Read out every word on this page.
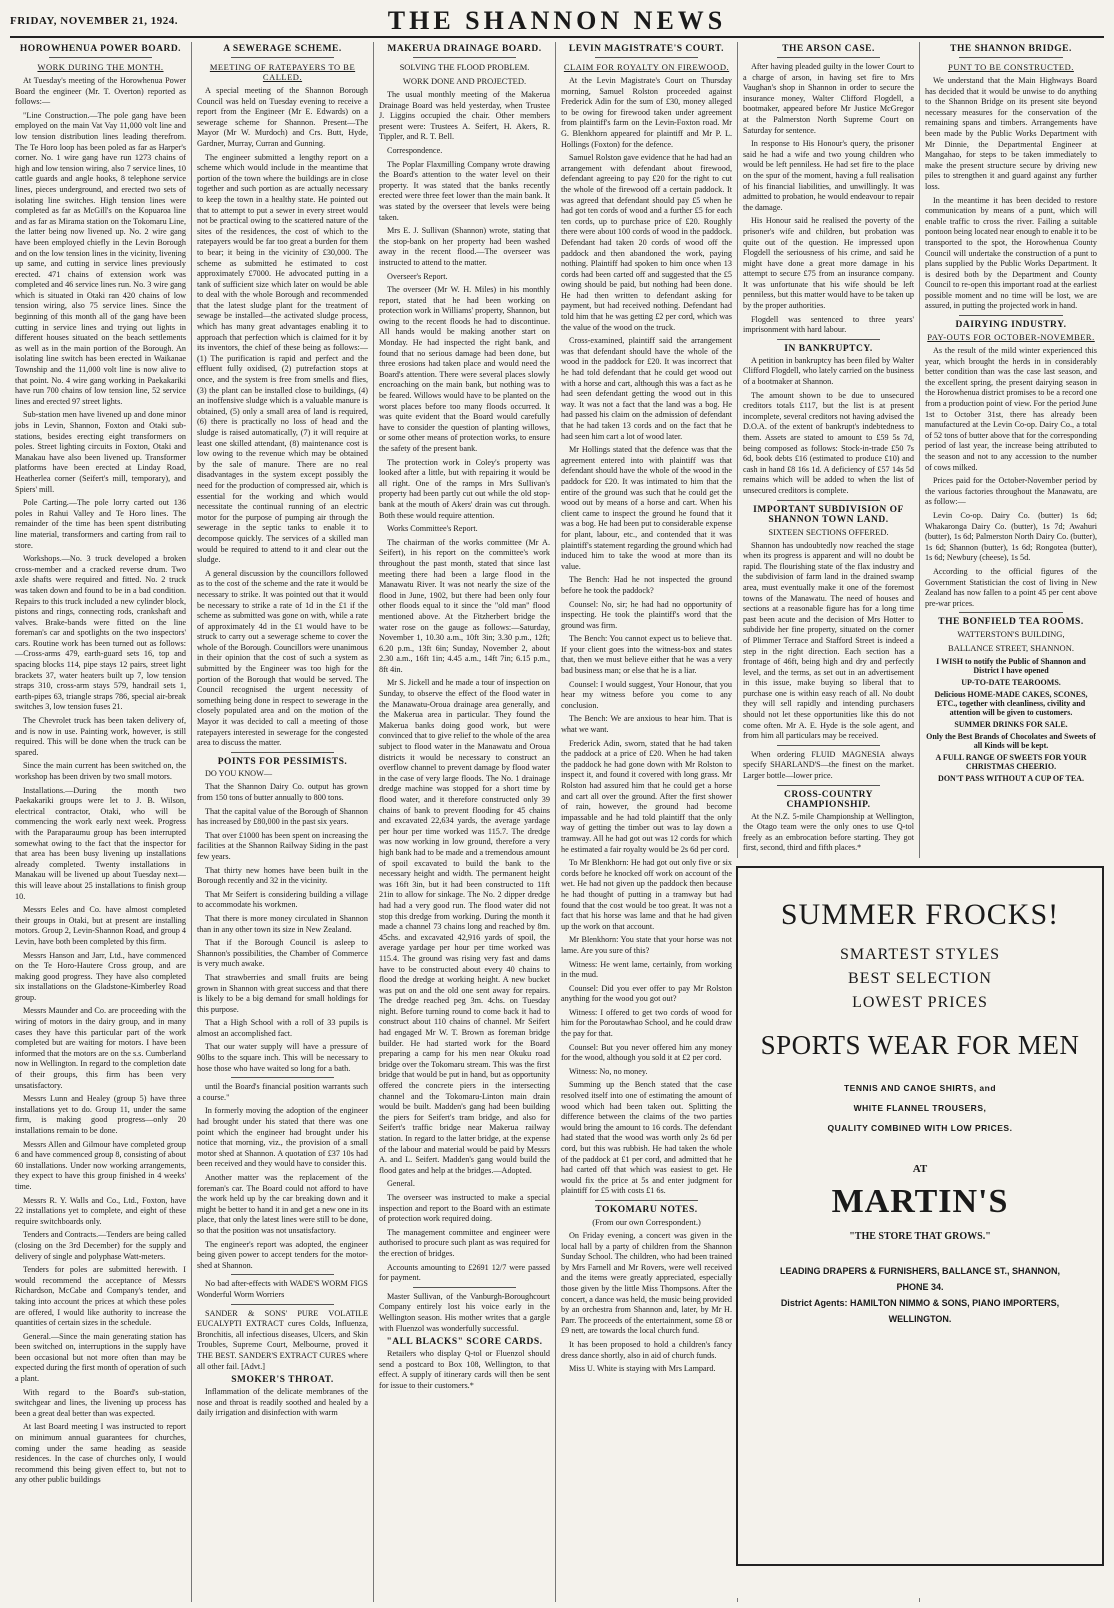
FRIDAY, NOVEMBER 21, 1924.	THE SHANNON NEWS
HOROWHENUA POWER BOARD.
WORK DURING THE MONTH.

At Tuesday's meeting of the Horowhenua Power Board the engineer (Mr. T. Overton) reported as follows:—

"Line Construction.—The pole gang have been employed on the main Vat Vay 11,000 volt line and low tension distribution lines leading therefrom. The Te Horo loop has been poled as far as Harper's corner. No. 1 wire gang have run 1273 chains of high and low tension wiring, also 7 service lines, 10 cattle guards and angle hooks, 8 telephone service lines, pieces underground, and erected two sets of isolating line switches. High tension lines were completed as far as McGill's on the Kopuaroa line and as far as Mirama station on the Tokomaru Line, the latter being now livened up. No. 2 wire gang have been employed chiefly in the Levin Borough and on the low tension lines in the vicinity, livening up same, and cutting in service lines previously erected. 471 chains of extension work was completed and 46 service lines run. No. 3 wire gang which is situated in Otaki ran 420 chains of low tension wiring, also 75 service lines. Since the beginning of this month all of the gang have been cutting in service lines and trying out lights in different houses situated on the beach settlements as well as in the main portion of the Borough. An isolating line switch has been erected in Waikanae Township and the 11,000 volt line is now alive to that point. No. 4 wire gang working in Paekakariki have run 700 chains of low tension line, 52 service lines and erected 97 street lights.

Sub-station men have livened up and done minor jobs in Levin, Shannon, Foxton and Otaki sub-stations, besides erecting eight transformers on poles. Street lighting circuits in Foxton, Otaki and Manakau have also been livened up. Transformer platforms have been erected at Linday Road, Heatherlea corner (Seifert's mill, temporary), and Spiers' mill.

Pole Carting.—The pole lorry carted out 136 poles in Rahui Valley and Te Horo lines. The remainder of the time has been spent distributing line material, transformers and carting from rail to store.

Workshops.—No. 3 truck developed a broken cross-member and a cracked reverse drum. Two axle shafts were required and fitted. No. 2 truck was taken down and found to be in a bad condition. Repairs to this truck included a new cylinder block, pistons and rings, connecting rods, crankshaft and valves. Brake-bands were fitted on the line foreman's car and spotlights on the two inspectors' cars. Routine work has been turned out as follows:—Cross-arms 479, earth-guard sets 16, top and spacing blocks 114, pipe stays 12 pairs, street light brackets 37, water heaters built up 7, low tension straps 310, cross-arm stays 579, handrail sets 1, earth-pipes 63, triangle straps 786, special air-break switches 3, low tension fuses 21.

The Chevrolet truck has been taken delivery of, and is now in use. Painting work, however, is still required. This will be done when the truck can be spared.

Since the main current has been switched on, the workshop has been driven by two small motors.

Installations.—During the month two Paekakariki groups were let to J. B. Wilson, electrical contractor, Otaki, who will be commencing the work early next week. Progress with the Paraparaumu group has been interrupted somewhat owing to the fact that the inspector for that area has been busy livening up installations already completed. Twenty installations in Manakau will be livened up about Tuesday next—this will leave about 25 installations to finish group 10.

Messrs Eeles and Co. have almost completed their groups in Otaki, but at present are installing motors. Group 2, Levin-Shannon Road, and group 4 Levin, have both been completed by this firm.

Messrs Hanson and Jarr, Ltd., have commenced on the Te Horo-Hautere Cross group, and are making good progress. They have also completed six installations on the Gladstone-Kimberley Road group.

Messrs Maunder and Co. are proceeding with the wiring of motors in the dairy group, and in many cases they have this particular part of the work completed but are waiting for motors. I have been informed that the motors are on the s.s. Cumberland now in Wellington. In regard to the completion date of their groups, this firm has been very unsatisfactory.

Messrs Lunn and Healey (group 5) have three installations yet to do. Group 11, under the same firm, is making good progress—only 20 installations remain to be done.

Messrs Allen and Gilmour have completed group 6 and have commenced group 8, consisting of about 60 installations. Under now working arrangements, they expect to have this group finished in 4 weeks' time.

Messrs R. Y. Walls and Co., Ltd., Foxton, have 22 installations yet to complete, and eight of these require switchboards only.

Tenders and Contracts.—Tenders are being called (closing on the 3rd December) for the supply and delivery of single and polyphase Watt-meters.

Tenders for poles are submitted herewith. I would recommend the acceptance of Messrs Richardson, McCabe and Company's tender, and taking into account the prices at which these poles are offered, I would like authority to increase the quantities of certain sizes in the schedule.

General.—Since the main generating station has been switched on, interruptions in the supply have been occasional but not more often than may be expected during the first month of operation of such a plant.

With regard to the Board's sub-station, switchgear and lines, the livening up process has been a great deal better than was expected.

At last Board meeting I was instructed to report on minimum annual guarantees for churches, coming under the same heading as seaside residences. In the case of churches only, I would recommend this being given effect to, but not to any other public buildings

A SEWERAGE SCHEME.
MEETING OF RATEPAYERS TO BE CALLED.

A special meeting of the Shannon Borough Council was held on Tuesday evening to receive a report from the Engineer (Mr E. Edwards) on a sewerage scheme for Shannon. Present—The Mayor (Mr W. Murdoch) and Crs. Butt, Hyde, Gardner, Murray, Curran and Gunning.

The engineer submitted a lengthy report on a scheme which would include in the meantime that portion of the town where the buildings are in close together and such portion as are actually necessary to keep the town in a healthy state. He pointed out that to attempt to put a sewer in every street would not be practical owing to the scattered nature of the sites of the residences, the cost of which to the ratepayers would be far too great a burden for them to bear; it being in the vicinity of £30,000. The scheme as submitted he estimated to cost approximately £7000. He advocated putting in a tank of sufficient size which later on would be able to deal with the whole Borough and recommended that the latest sludge plant for the treatment of sewage be installed—the activated sludge process, which has many great advantages enabling it to approach that perfection which is claimed for it by its inventors, the chief of these being as follows:—(1) The purification is rapid and perfect and the effluent fully oxidised, (2) putrefaction stops at once, and the system is free from smells and flies, (3) the plant can be installed close to buildings, (4) an inoffensive sludge which is a valuable manure is obtained, (5) only a small area of land is required, (6) there is practically no loss of head and the sludge is raised automatically, (7) it will require at least one skilled attendant, (8) maintenance cost is low owing to the revenue which may be obtained by the sale of manure. There are no real disadvantages in the system except possibly the need for the production of compressed air, which is essential for the working and which would necessitate the continual running of an electric motor for the purpose of pumping air through the sewerage in the septic tanks to enable it to decompose quickly. The services of a skilled man would be required to attend to it and clear out the sludge.

A general discussion by the councillors followed as to the cost of the scheme and the rate it would be necessary to strike. It was pointed out that it would be necessary to strike a rate of 1d in the £1 if the scheme as submitted was gone on with, while a rate of approximately 4d in the £1 would have to be struck to carry out a sewerage scheme to cover the whole of the Borough. Councillors were unanimous in their opinion that the cost of such a system as submitted by the Engineer was too high for the portion of the Borough that would be served. The Council recognised the urgent necessity of something being done in respect to sewerage in the closely populated area and on the motion of the Mayor it was decided to call a meeting of those ratepayers interested in sewerage for the congested area to discuss the matter.

POINTS FOR PESSIMISTS.

DO YOU KNOW—

That the Shannon Dairy Co. output has grown from 150 tons of butter annually to 800 tons.

That the capital value of the Borough of Shannon has increased by £80,000 in the past six years.

That over £1000 has been spent on increasing the facilities at the Shannon Railway Siding in the past few years.

That thirty new homes have been built in the Borough recently and 32 in the vicinity.

That Mr Seifert is considering building a village to accommodate his workmen.

That there is more money circulated in Shannon than in any other town its size in New Zealand.

That if the Borough Council is asleep to Shannon's possibilities, the Chamber of Commerce is very much awake.

That strawberries and small fruits are being grown in Shannon with great success and that there is likely to be a big demand for small holdings for this purpose.

That a High School with a roll of 33 pupils is almost an accomplished fact.

That our water supply will have a pressure of 90lbs to the square inch. This will be necessary to hose those who have waited so long for a bath.

until the Board's financial position warrants such a course."

In formerly moving the adoption of the engineer had brought under his stated that there was one point which the engineer had brought under his notice that morning, viz., the provision of a small motor shed at Shannon. A quotation of £37 10s had been received and they would have to consider this.

Another matter was the replacement of the foreman's car. The Board could not afford to have the work held up by the car breaking down and it might be better to hand it in and get a new one in its place, that only the latest lines were still to be done, so that the position was not unsatisfactory.

The engineer's report was adopted, the engineer being given power to accept tenders for the motor-shed at Shannon.

No bad after-effects with WADE'S WORM FIGS Wonderful Worm Worriers

SANDER & SONS' PURE VOLATILE EUCALYPTI EXTRACT cures Colds, Influenza, Bronchitis, all infectious diseases, Ulcers, and Skin Troubles, Supreme Court, Melbourne, proved it THE BEST. SANDER'S EXTRACT CURES where all other fail. [Advt.]

SMOKER'S THROAT.

Inflammation of the delicate membranes of the nose and throat is readily soothed and healed by a daily irrigation and disinfection with warm

MAKERUA DRAINAGE BOARD.
SOLVING THE FLOOD PROBLEM.
WORK DONE AND PROJECTED.

The usual monthly meeting of the Makerua Drainage Board was held yesterday, when Trustee J. Liggins occupied the chair. Other members present were: Trustees A. Seifert, H. Akers, R. Tippler, and R. T. Bell.

Correspondence.

The Poplar Flaxmilling Company wrote drawing the Board's attention to the water level on their property. It was stated that the banks recently erected were three feet lower than the main bank. It was stated by the overseer that levels were being taken.

Mrs E. J. Sullivan (Shannon) wrote, stating that the stop-bank on her property had been washed away in the recent flood.—The overseer was instructed to attend to the matter.

Overseer's Report.

The overseer (Mr W. H. Miles) in his monthly report, stated that he had been working on protection work in Williams' property, Shannon, but owing to the recent floods he had to discontinue. All hands would be making another start on Monday. He had inspected the right bank, and found that no serious damage had been done, but three erosions had taken place and would need the Board's attention. There were several places slowly encroaching on the main bank, but nothing was to be feared. Willows would have to be planted on the worst places before too many floods occurred. It was quite evident that the Board would carefully have to consider the question of planting willows, or some other means of protection works, to ensure the safety of the present bank.

The protection work in Coley's property was looked after a little, but with repairing it would be all right. One of the ramps in Mrs Sullivan's property had been partly cut out while the old stop-bank at the mouth of Akers' drain was cut through. Both these would require attention.

Works Committee's Report.

The chairman of the works committee (Mr A. Seifert), in his report on the committee's work throughout the past month, stated that since last meeting there had been a large flood in the Manawatu River. It was not nearly the size of the flood in June, 1902, but there had been only four other floods equal to it since the "old man" flood mentioned above. At the Fitzherbert bridge the water rose on the gauge as follows:—Saturday, November 1, 10.30 a.m., 10ft 3in; 3.30 p.m., 12ft; 6.20 p.m., 13ft 6in; Sunday, November 2, about 2.30 a.m., 16ft 1in; 4.45 a.m., 14ft 7in; 6.15 p.m., 8ft 4in.

Mr S. Jickell and he made a tour of inspection on Sunday, to observe the effect of the flood water in the Manawatu-Oroua drainage area generally, and the Makerua area in particular. They found the Makerua banks doing good work, but were convinced that to give relief to the whole of the area subject to flood water in the Manawatu and Oroua districts it would be necessary to construct an overflow channel to prevent damage by flood water in the case of very large floods. The No. 1 drainage dredge machine was stopped for a short time by flood water, and it therefore constructed only 39 chains of bank to prevent flooding for 45 chains and excavated 22,634 yards, the average yardage per hour per time worked was 115.7. The dredge was now working in low ground, therefore a very high bank had to be made and a tremendous amount of spoil excavated to build the bank to the necessary height and width. The permanent height was 16ft 3in, but it had been constructed to 11ft 21in to allow for sinkage. The No. 2 dipper dredge had had a very good run. The flood water did not stop this dredge from working. During the month it made a channel 73 chains long and reached by 8m. 45chs. and excavated 42,916 yards of spoil, the average yardage per hour per time worked was 115.4. The ground was rising very fast and dams have to be constructed about every 40 chains to flood the dredge at working height. A new bucket was put on and the old one sent away for repairs. The dredge reached peg 3m. 4chs. on Tuesday night. Before turning round to come back it had to construct about 110 chains of channel. Mr Seifert had engaged Mr W. T. Brown as foreman bridge builder. He had started work for the Board preparing a camp for his men near Okuku road bridge over the Tokomaru stream. This was the first bridge that would be put in hand, but as opportunity offered the concrete piers in the intersecting channel and the Tokomaru-Linton main drain would be built. Madden's gang had been building the piers for Seifert's tram bridge, and also for Seifert's traffic bridge near Makerua railway station. In regard to the latter bridge, at the expense of the labour and material would be paid by Messrs A. and L. Seifert. Madden's gang would build the flood gates and help at the bridges.—Adopted.

General.

The overseer was instructed to make a special inspection and report to the Board with an estimate of protection work required doing.

The management committee and engineer were authorised to procure such plant as was required for the erection of bridges.

Accounts amounting to £2691 12/7 were passed for payment.

Master Sullivan, of the Vanburgh-Boroughcourt Company entirely lost his voice early in the Wellington season. His mother writes that a gargle with Fluenzol was wonderfully successful.

"ALL BLACKS" SCORE CARDS.

Retailers who display Q-tol or Fluenzol should send a postcard to Box 108, Wellington, to that effect. A supply of itinerary cards will then be sent for issue to their customers.*

LEVIN MAGISTRATE'S COURT.
CLAIM FOR ROYALTY ON FIREWOOD.

At the Levin Magistrate's Court on Thursday morning, Samuel Rolston proceeded against Frederick Adin for the sum of £30, money alleged to be owing for firewood taken under agreement from plaintiff's farm on the Levin-Foxton road. Mr G. Blenkhorn appeared for plaintiff and Mr P. L. Hollings (Foxton) for the defence.

Samuel Rolston gave evidence that he had had an arrangement with defendant about firewood, defendant agreeing to pay £20 for the right to cut the whole of the firewood off a certain paddock. It was agreed that defendant should pay £5 when he had got ten cords of wood and a further £5 for each ten cords, up to purchase price of £20. Roughly there were about 100 cords of wood in the paddock. Defendant had taken 20 cords of wood off the paddock and then abandoned the work, paying nothing. Plaintiff had spoken to him once when 13 cords had been carted off and suggested that the £5 owing should be paid, but nothing had been done. He had then written to defendant asking for payment, but had received nothing. Defendant had told him that he was getting £2 per cord, which was the value of the wood on the truck.

Cross-examined, plaintiff said the arrangement was that defendant should have the whole of the wood in the paddock for £20. It was incorrect that he had told defendant that he could get wood out with a horse and cart, although this was a fact as he had seen defendant getting the wood out in this way. It was not a fact that the land was a bog. He had passed his claim on the admission of defendant that he had taken 13 cords and on the fact that he had seen him cart a lot of wood later.

Mr Hollings stated that the defence was that the agreement entered into with plaintiff was that defendant should have the whole of the wood in the paddock for £20. It was intimated to him that the entire of the ground was such that he could get the wood out by means of a horse and cart. When his client came to inspect the ground he found that it was a bog. He had been put to considerable expense for plant, labour, etc., and contended that it was plaintiff's statement regarding the ground which had induced him to take the wood at more than its value.

The Bench: Had he not inspected the ground before he took the paddock?

Counsel: No, sir; he had had no opportunity of inspecting. He took the plaintiff's word that the ground was firm.

The Bench: You cannot expect us to believe that. If your client goes into the witness-box and states that, then we must believe either that he was a very bad business man; or else that he is a liar.

Counsel: I would suggest, Your Honour, that you hear my witness before you come to any conclusion.

The Bench: We are anxious to hear him. That is what we want.

Frederick Adin, sworn, stated that he had taken the paddock at a price of £20. When he had taken the paddock he had gone down with Mr Rolston to inspect it, and found it covered with long grass. Mr Rolston had assured him that he could get a horse and cart all over the ground. After the first shower of rain, however, the ground had become impassable and he had told plaintiff that the only way of getting the timber out was to lay down a tramway. All he had got out was 12 cords for which he estimated a fair royalty would be 2s 6d per cord.

To Mr Blenkhorn: He had got out only five or six cords before he knocked off work on account of the wet. He had not given up the paddock then because he had thought of putting in a tramway but had found that the cost would be too great. It was not a fact that his horse was lame and that he had given up the work on that account.

Mr Blenkhorn: You state that your horse was not lame. Are you sure of this?

Witness: He went lame, certainly, from working in the mud.

Counsel: Did you ever offer to pay Mr Rolston anything for the wood you got out?

Witness: I offered to get two cords of wood for him for the Poroutawhao School, and he could draw the pay for that.

Counsel: But you never offered him any money for the wood, although you sold it at £2 per cord.

Witness: No, no money.

Summing up the Bench stated that the case resolved itself into one of estimating the amount of wood which had been taken out. Splitting the difference between the claims of the two parties would bring the amount to 16 cords. The defendant had stated that the wood was worth only 2s 6d per cord, but this was rubbish. He had taken the whole of the paddock at £1 per cord, and admitted that he had carted off that which was easiest to get. He would fix the price at 5s and enter judgment for plaintiff for £5 with costs £1 6s.

TOKOMARU NOTES.
(From our own Correspondent.)

On Friday evening, a concert was given in the local hall by a party of children from the Shannon Sunday School. The children, who had been trained by Mrs Farnell and Mr Rovers, were well received and the items were greatly appreciated, especially those given by the little Miss Thompsons. After the concert, a dance was held, the music being provided by an orchestra from Shannon and, later, by Mr H. Parr. The proceeds of the entertainment, some £8 or £9 nett, are towards the local church fund.

It has been proposed to hold a children's fancy dress dance shortly, also in aid of church funds.

Miss U. White is staying with Mrs Lampard.

THE ARSON CASE.

After having pleaded guilty in the lower Court to a charge of arson, in having set fire to Mrs Vaughan's shop in Shannon in order to secure the insurance money, Walter Clifford Flogdell, a bootmaker, appeared before Mr Justice McGregor at the Palmerston North Supreme Court on Saturday for sentence.

In response to His Honour's query, the prisoner said he had a wife and two young children who would be left penniless. He had set fire to the place on the spur of the moment, having a full realisation of his financial liabilities, and unwillingly. It was admitted to probation, he would endeavour to repair the damage.

His Honour said he realised the poverty of the prisoner's wife and children, but probation was quite out of the question. He impressed upon Flogdell the seriousness of his crime, and said he might have done a great more damage in his attempt to secure £75 from an insurance company. It was unfortunate that his wife should be left penniless, but this matter would have to be taken up by the proper authorities.

Flogdell was sentenced to three years' imprisonment with hard labour.

IN BANKRUPTCY.

A petition in bankruptcy has been filed by Walter Clifford Flogdell, who lately carried on the business of a bootmaker at Shannon.

The amount shown to be due to unsecured creditors totals £117, but the list is at present incomplete, several creditors not having advised the D.O.A. of the extent of bankrupt's indebtedness to them. Assets are stated to amount to £59 5s 7d, being composed as follows: Stock-in-trade £50 7s 6d, book debts £16 (estimated to produce £10) and cash in hand £8 16s 1d. A deficiency of £57 14s 5d remains which will be added to when the list of unsecured creditors is complete.

IMPORTANT SUBDIVISION OF SHANNON TOWN LAND.
SIXTEEN SECTIONS OFFERED.

Shannon has undoubtedly now reached the stage when its progress is apparent and will no doubt be rapid. The flourishing state of the flax industry and the subdivision of farm land in the drained swamp area, must eventually make it one of the foremost towns of the Manawatu. The need of houses and sections at a reasonable figure has for a long time past been acute and the decision of Mrs Hotter to subdivide her fine property, situated on the corner of Plimmer Terrace and Stafford Street is indeed a step in the right direction. Each section has a frontage of 46ft, being high and dry and perfectly level, and the terms, as set out in an advertisement in this issue, make buying so liberal that to purchase one is within easy reach of all. No doubt they will sell rapidly and intending purchasers should not let these opportunities like this do not come often. Mr A. E. Hyde is the sole agent, and from him all particulars may be received.

When ordering FLUID MAGNESIA always specify SHARLAND'S—the finest on the market. Larger bottle—lower price.

CROSS-COUNTRY CHAMPIONSHIP.

At the N.Z. 5-mile Championship at Wellington, the Otago team were the only ones to use Q-tol freely as an embrocation before starting. They got first, second, third and fifth places.*

THE SHANNON BRIDGE.
PUNT TO BE CONSTRUCTED.

We understand that the Main Highways Board has decided that it would be unwise to do anything to the Shannon Bridge on its present site beyond necessary measures for the conservation of the remaining spans and timbers. Arrangements have been made by the Public Works Department with Mr Dinnie, the Departmental Engineer at Mangahao, for steps to be taken immediately to make the present structure secure by driving new piles to strengthen it and guard against any further loss.

In the meantime it has been decided to restore communication by means of a punt, which will enable traffic to cross the river. Failing a suitable pontoon being located near enough to enable it to be transported to the spot, the Horowhenua County Council will undertake the construction of a punt to plans supplied by the Public Works Department. It is desired both by the Department and County Council to re-open this important road at the earliest possible moment and no time will be lost, we are assured, in putting the projected work in hand.

DAIRYING INDUSTRY.
PAY-OUTS FOR OCTOBER-NOVEMBER.

As the result of the mild winter experienced this year, which brought the herds in in considerably better condition than was the case last season, and the excellent spring, the present dairying season in the Horowhenua district promises to be a record one from a production point of view. For the period June 1st to October 31st, there has already been manufactured at the Levin Co-op. Dairy Co., a total of 52 tons of butter above that for the corresponding period of last year, the increase being attributed to the season and not to any accession to the number of cows milked.

Prices paid for the October-November period by the various factories throughout the Manawatu, are as follow:—

Levin Co-op. Dairy Co. (butter) 1s 6d; Whakaronga Dairy Co. (butter), 1s 7d; Awahuri (butter), 1s 6d; Palmerston North Dairy Co. (butter), 1s 6d; Shannon (butter), 1s 6d; Rongotea (butter), 1s 6d; Newbury (cheese), 1s 5d.

According to the official figures of the Government Statistician the cost of living in New Zealand has now fallen to a point 45 per cent above pre-war prices.

THE BONFIELD TEA ROOMS.
WATTERSTON'S BUILDING,
BALLANCE STREET, SHANNON.
I WISH to notify the Public of Shannon and District I have opened
UP-TO-DATE TEAROOMS.
Delicious HOME-MADE CAKES, SCONES, ETC., together with cleanliness, civility and attention will be given to customers.
SUMMER DRINKS FOR SALE.
Only the Best Brands of Chocolates and Sweets of all Kinds will be kept.
A FULL RANGE OF SWEETS FOR YOUR CHRISTMAS CHEERIO.
DON'T PASS WITHOUT A CUP OF TEA.
SUMMER FROCKS!
SMARTEST STYLES
BEST SELECTION
LOWEST PRICES
SPORTS WEAR FOR MEN
TENNIS AND CANOE SHIRTS, and
WHITE FLANNEL TROUSERS,
QUALITY COMBINED WITH LOW PRICES.
AT
MARTIN'S
"THE STORE THAT GROWS."
LEADING DRAPERS & FURNISHERS, BALLANCE ST., SHANNON,
PHONE 34.
District Agents: HAMILTON NIMMO & SONS, PIANO IMPORTERS,
WELLINGTON.
